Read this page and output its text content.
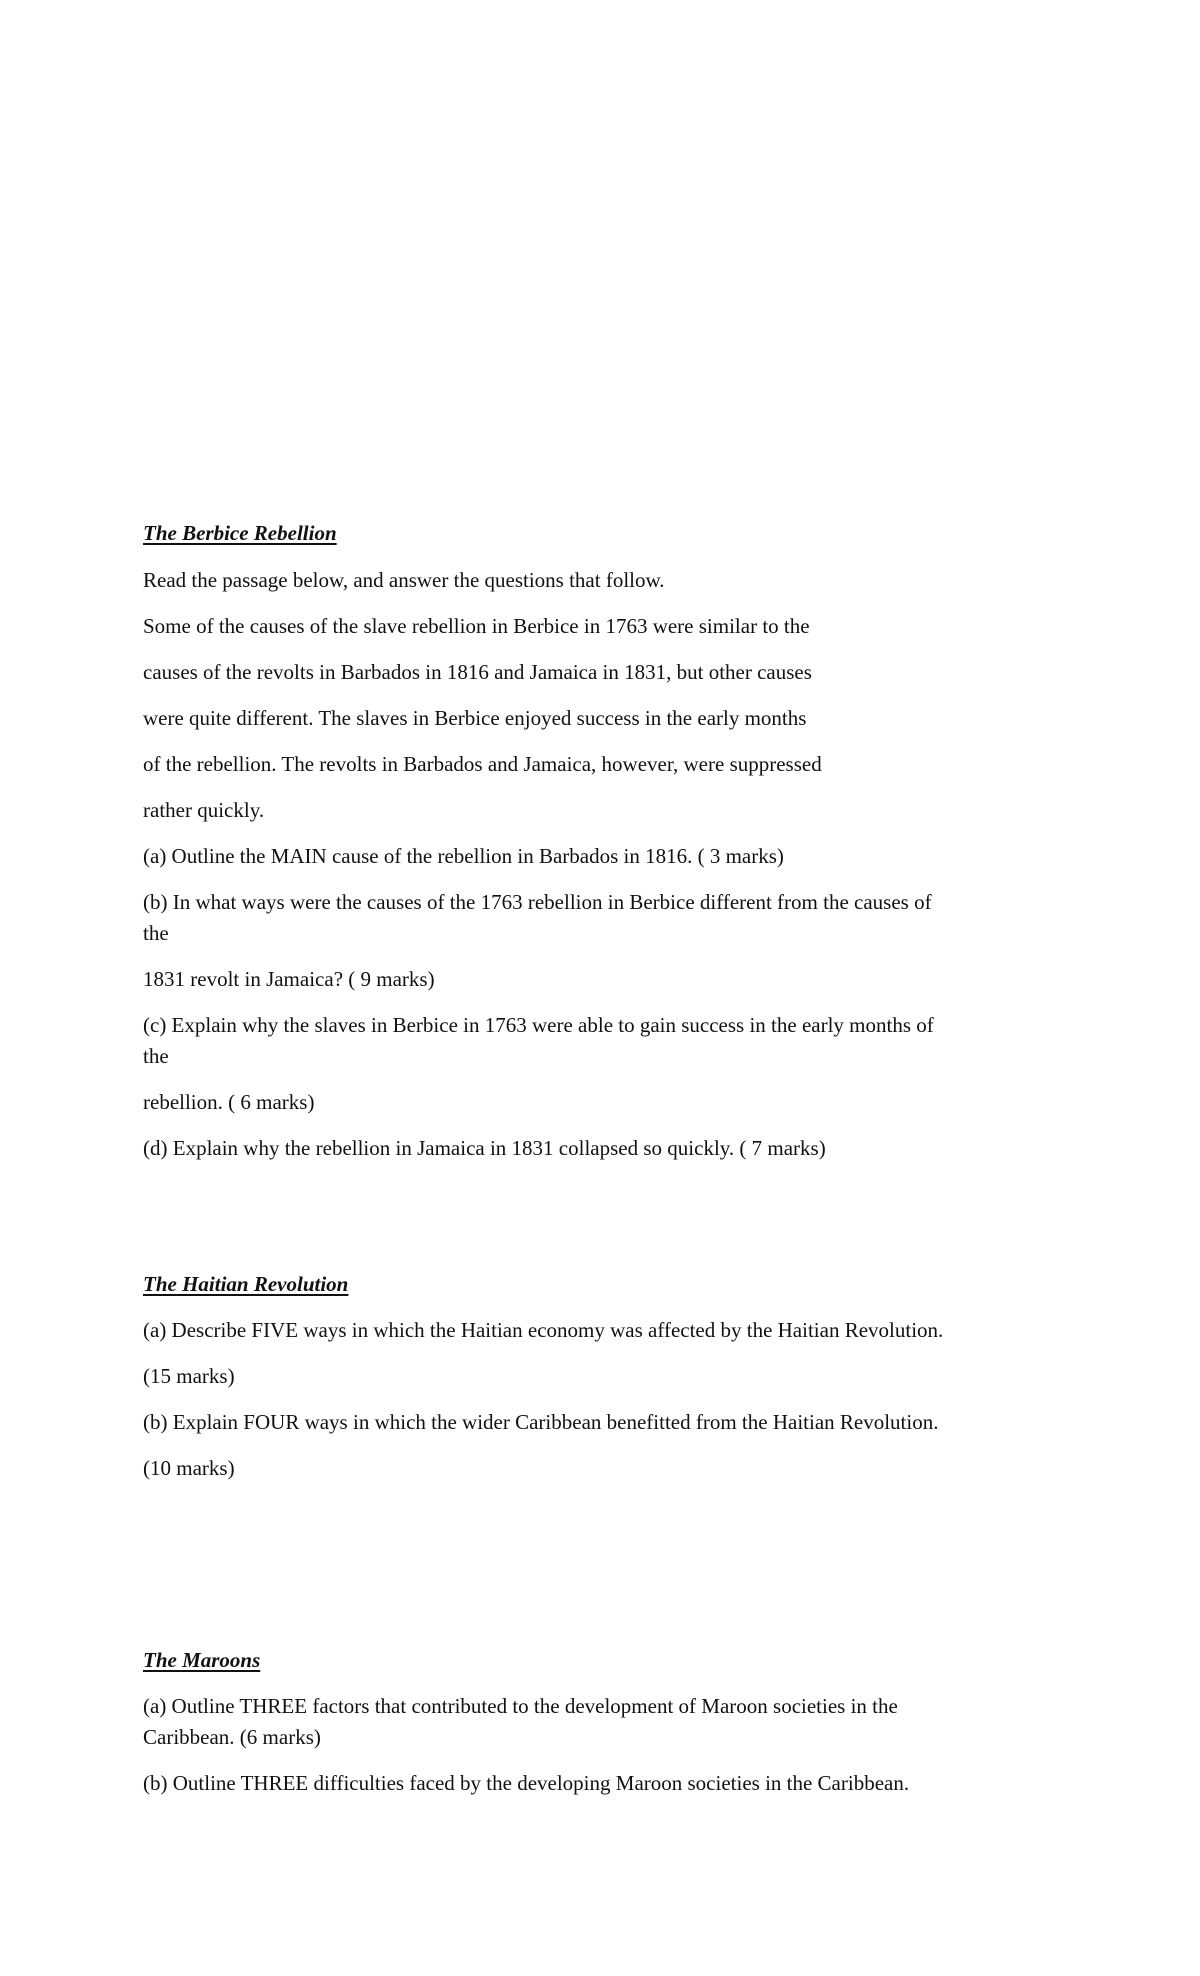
The Berbice Rebellion
Read the passage below, and answer the questions that follow.
Some of the causes of the slave rebellion in Berbice in 1763 were similar to the
causes of the revolts in Barbados in 1816 and Jamaica in 1831, but other causes
were quite different. The slaves in Berbice enjoyed success in the early months
of the rebellion. The revolts in Barbados and Jamaica, however, were suppressed
rather quickly.
(a) Outline the MAIN cause of the rebellion in Barbados in 1816. ( 3 marks)
(b) In what ways were the causes of the 1763 rebellion in Berbice different from the causes of
the
1831 revolt in Jamaica? ( 9 marks)
(c) Explain why the slaves in Berbice in 1763 were able to gain success in the early months of
the
rebellion. ( 6 marks)
(d) Explain why the rebellion in Jamaica in 1831 collapsed so quickly. ( 7 marks)
The Haitian Revolution
(a) Describe FIVE ways in which the Haitian economy was affected by the Haitian Revolution.
(15 marks)
(b) Explain FOUR ways in which the wider Caribbean benefitted from the Haitian Revolution.
(10 marks)
The Maroons
(a) Outline THREE factors that contributed to the development of Maroon societies in the
Caribbean. (6 marks)
(b) Outline THREE difficulties faced by the developing Maroon societies in the Caribbean.
